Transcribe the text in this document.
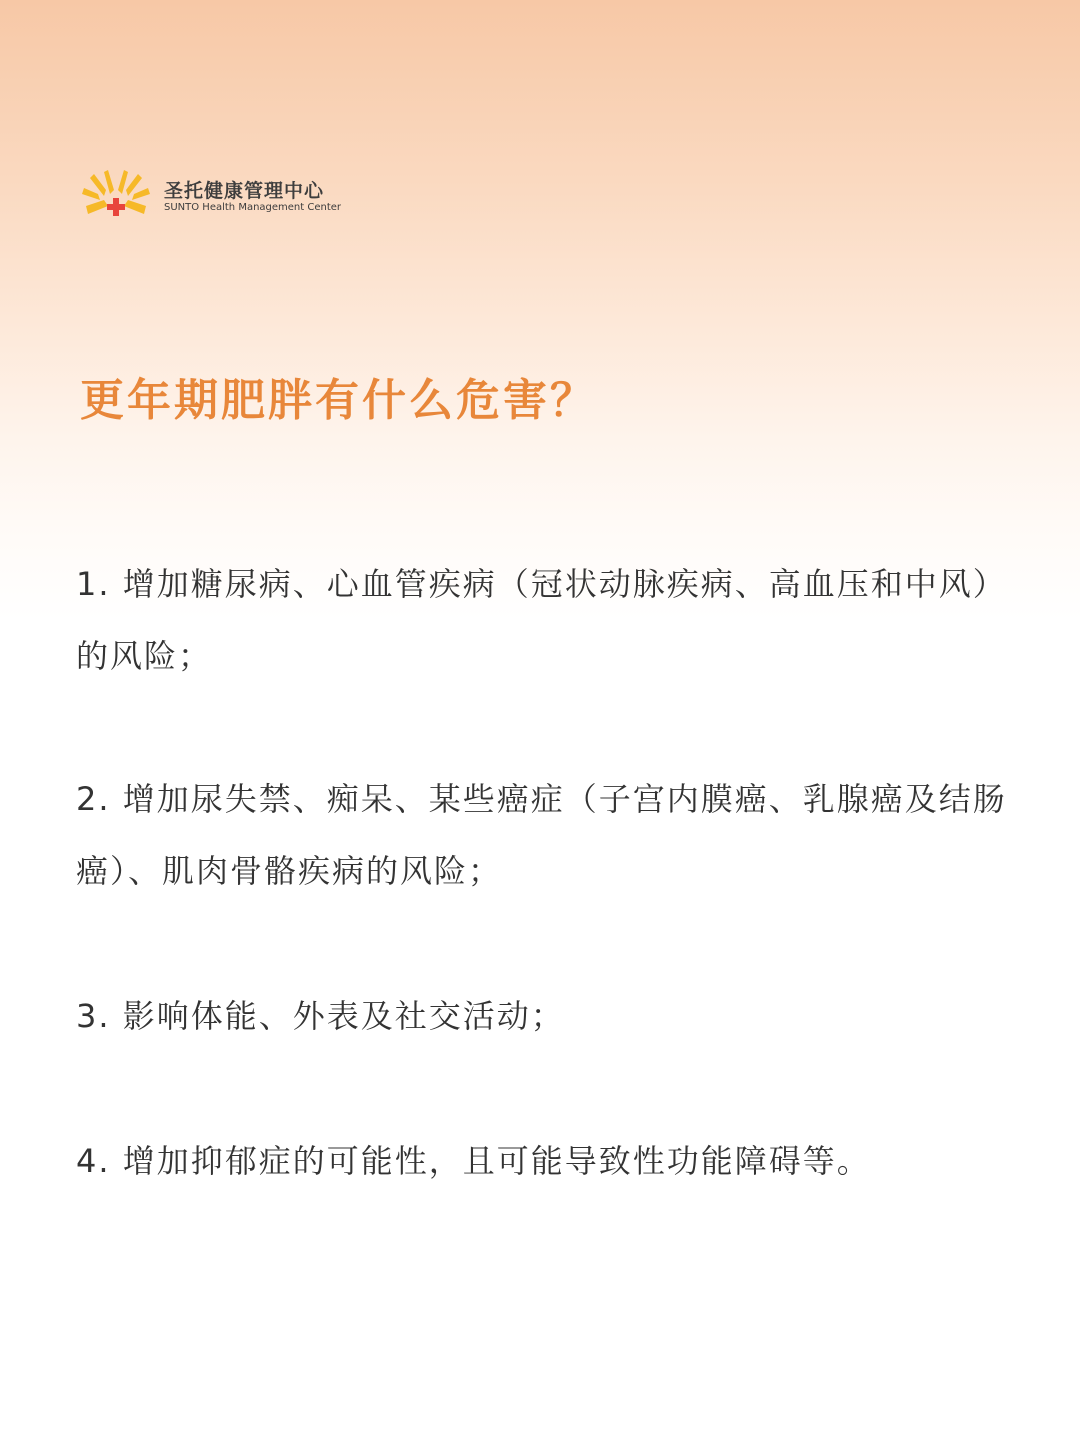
圣托健康管理中心
SUNTO Health Management Center
更年期肥胖有什么危害？
1. 增加糖尿病、心血管疾病（冠状动脉疾病、高血压和中风）的风险；
2. 增加尿失禁、痴呆、某些癌症（子宫内膜癌、乳腺癌及结肠癌）、肌肉骨骼疾病的风险；
3. 影响体能、外表及社交活动；
4. 增加抑郁症的可能性，且可能导致性功能障碍等。
